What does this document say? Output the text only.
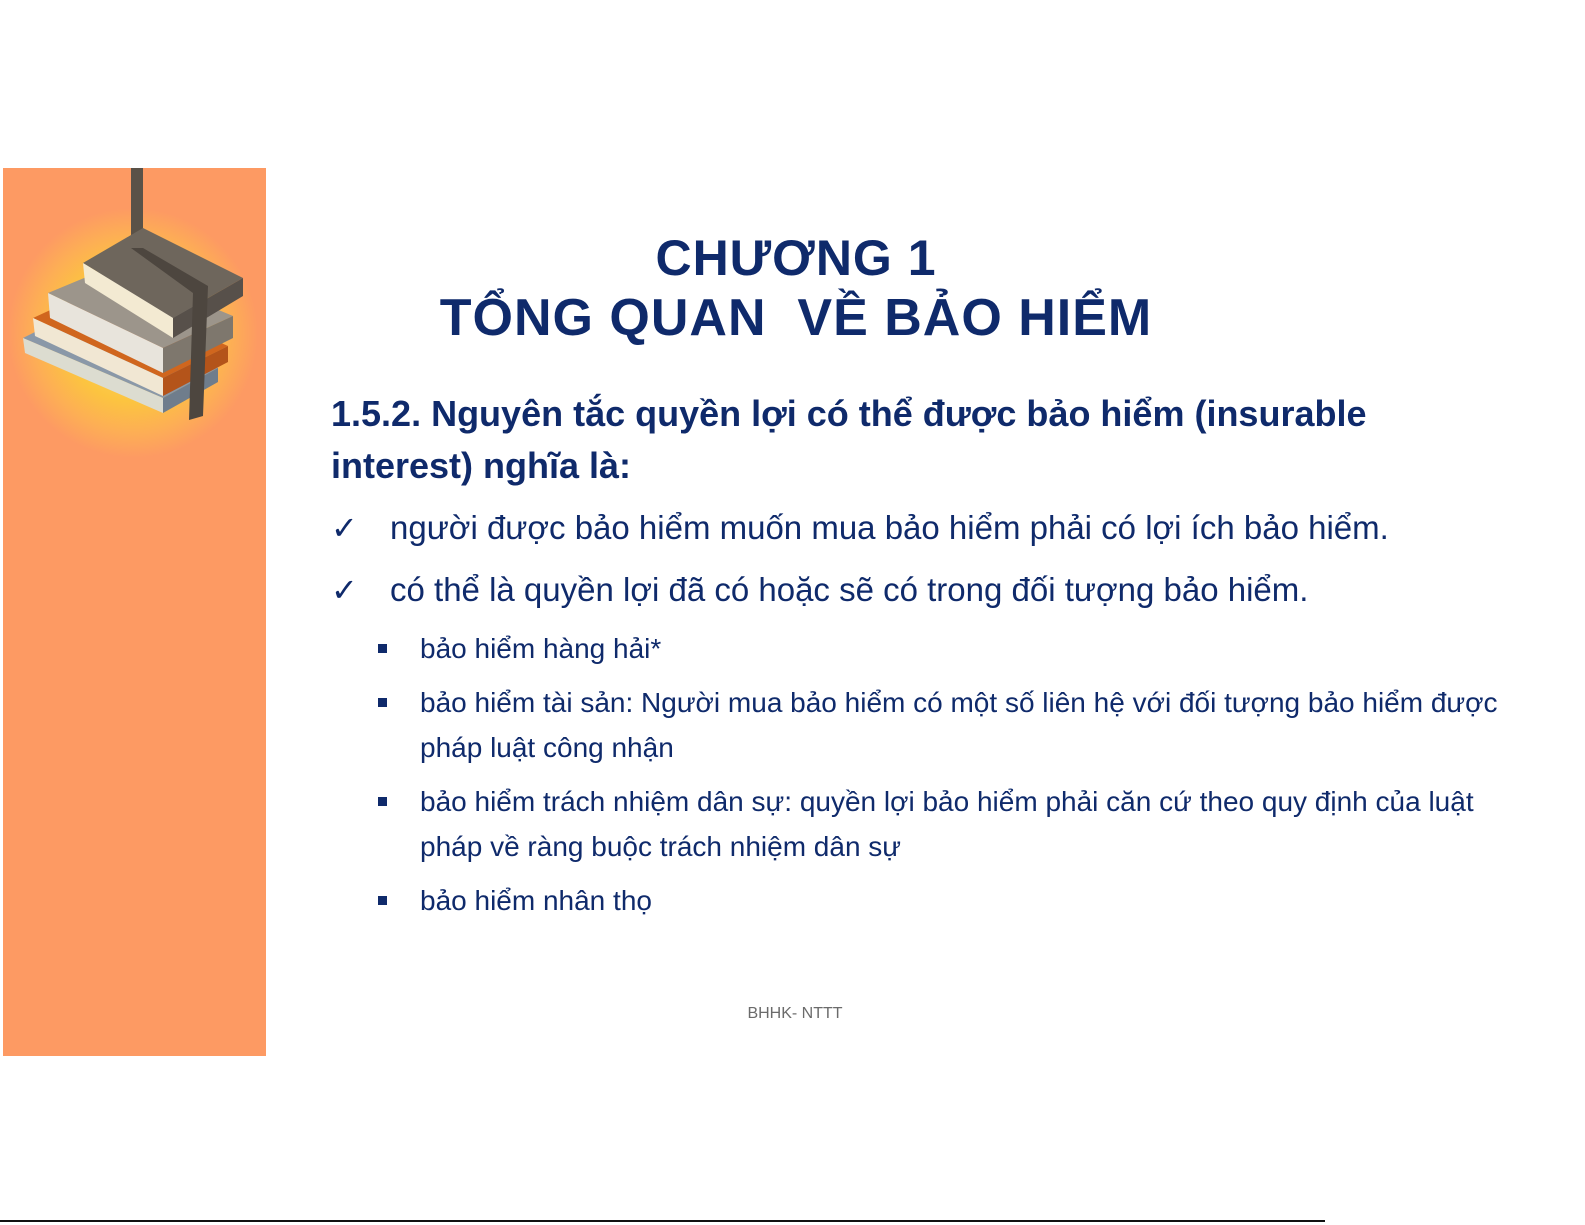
CHƯƠNG 1
TỔNG QUAN  VỀ BẢO HIỂM
1.5.2. Nguyên tắc quyền lợi có thể được bảo hiểm (insurable interest) nghĩa là:
✓ người được bảo hiểm muốn mua bảo hiểm phải có lợi ích bảo hiểm.
✓ có thể là quyền lợi đã có hoặc sẽ có trong đối tượng bảo hiểm.
bảo hiểm hàng hải*
bảo hiểm tài sản: Người mua bảo hiểm có một số liên hệ với đối tượng bảo hiểm được pháp luật công nhận
bảo hiểm trách nhiệm dân sự: quyền lợi bảo hiểm phải căn cứ theo quy định của luật pháp về ràng buộc trách nhiệm dân sự
bảo hiểm nhân thọ
BHHK- NTTT
